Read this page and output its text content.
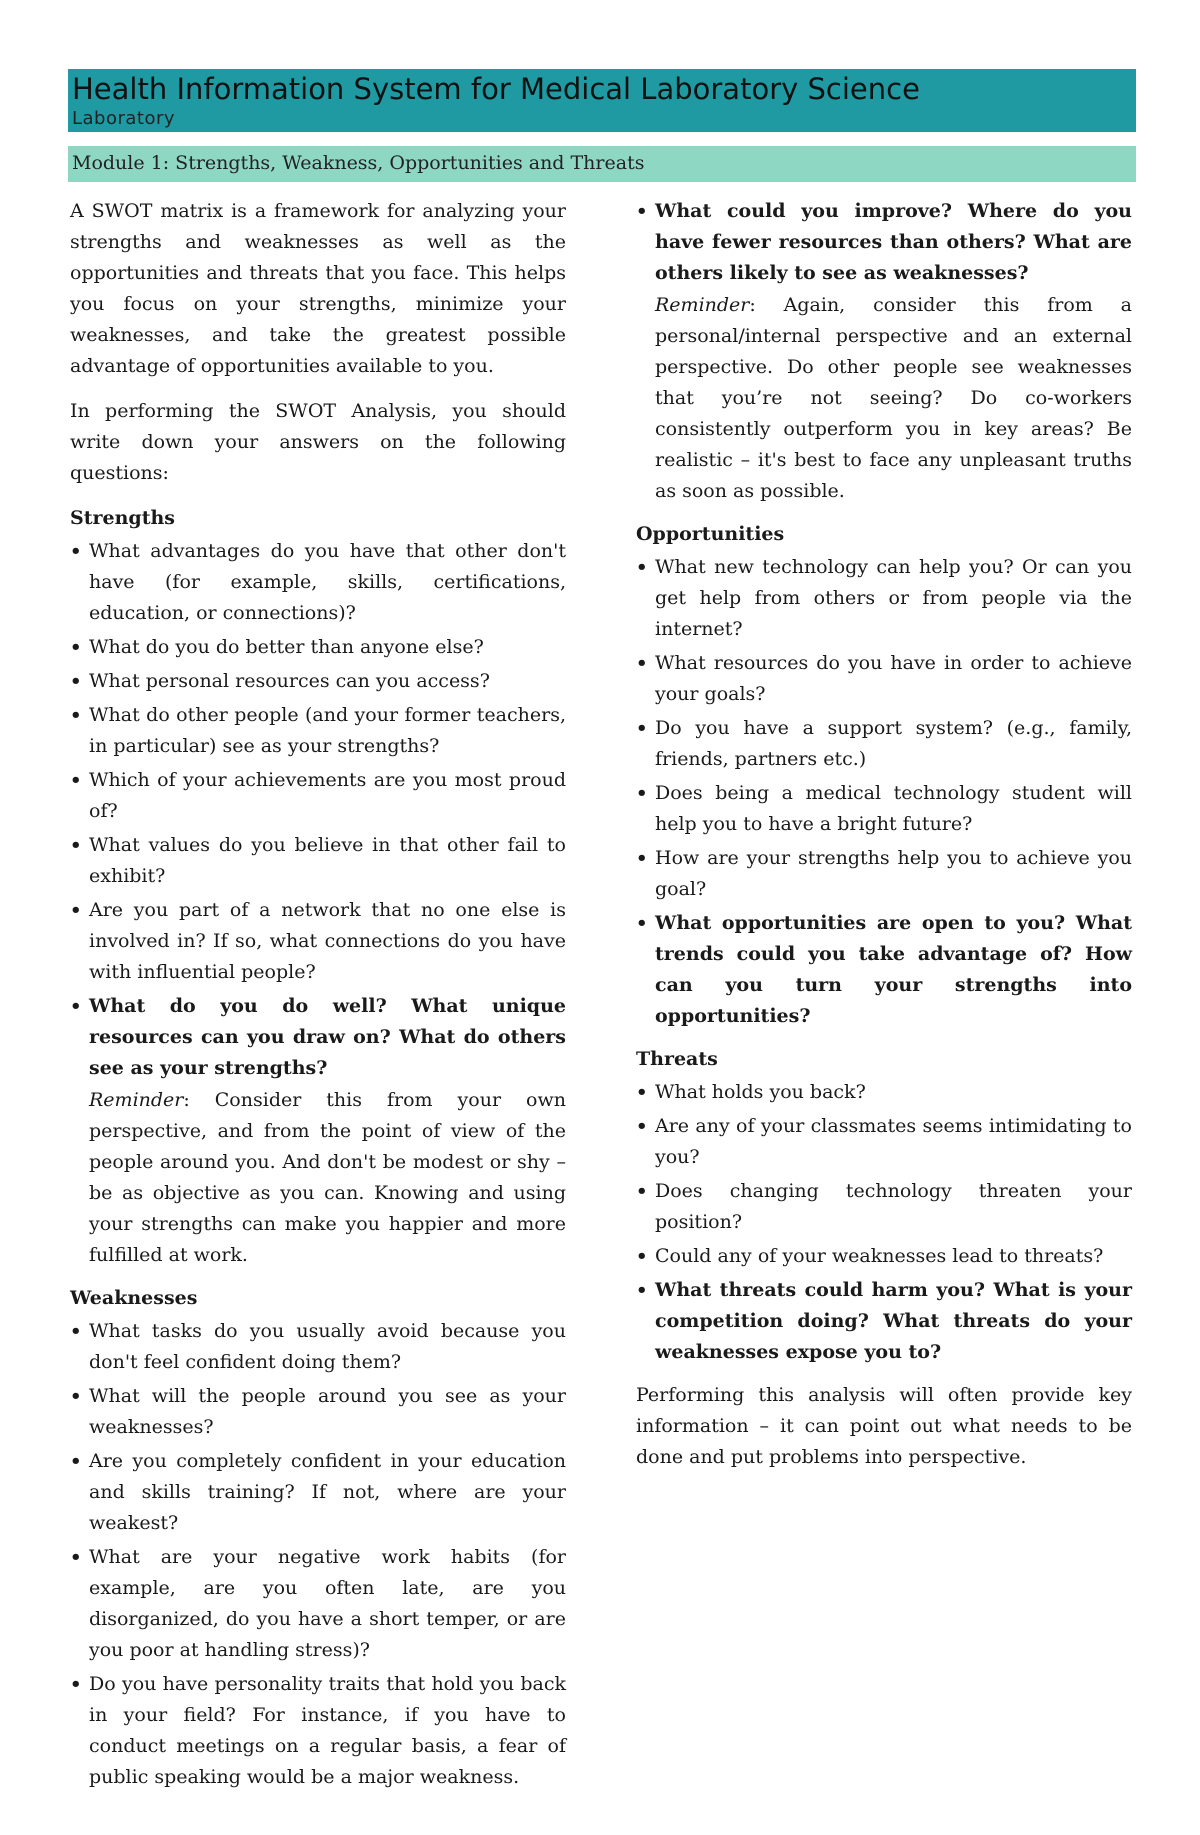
Health Information System for Medical Laboratory Science
Laboratory
Module 1: Strengths, Weakness, Opportunities and Threats

A SWOT matrix is a framework for analyzing your strengths and weaknesses as well as the opportunities and threats that you face. This helps you focus on your strengths, minimize your weaknesses, and take the greatest possible advantage of opportunities available to you.

In performing the SWOT Analysis, you should write down your answers on the following questions:

Strengths
• What advantages do you have that other don't have (for example, skills, certifications, education, or connections)?
• What do you do better than anyone else?
• What personal resources can you access?
• What do other people (and your former teachers, in particular) see as your strengths?
• Which of your achievements are you most proud of?
• What values do you believe in that other fail to exhibit?
• Are you part of a network that no one else is involved in? If so, what connections do you have with influential people?
• What do you do well? What unique resources can you draw on? What do others see as your strengths?
Reminder: Consider this from your own perspective, and from the point of view of the people around you. And don't be modest or shy – be as objective as you can. Knowing and using your strengths can make you happier and more fulfilled at work.
Weaknesses
• What tasks do you usually avoid because you don't feel confident doing them?
• What will the people around you see as your weaknesses?
• Are you completely confident in your education and skills training? If not, where are your weakest?
• What are your negative work habits (for example, are you often late, are you disorganized, do you have a short temper, or are you poor at handling stress)?
• Do you have personality traits that hold you back in your field? For instance, if you have to conduct meetings on a regular basis, a fear of public speaking would be a major weakness.
• What could you improve? Where do you have fewer resources than others? What are others likely to see as weaknesses?
Reminder: Again, consider this from a personal/internal perspective and an external perspective. Do other people see weaknesses that you’re not seeing? Do co-workers consistently outperform you in key areas? Be realistic – it's best to face any unpleasant truths as soon as possible.
Opportunities
• What new technology can help you? Or can you get help from others or from people via the internet?
• What resources do you have in order to achieve your goals?
• Do you have a support system? (e.g., family, friends, partners etc.)
• Does being a medical technology student will help you to have a bright future?
• How are your strengths help you to achieve you goal?
• What opportunities are open to you? What trends could you take advantage of? How can you turn your strengths into opportunities?
Threats
• What holds you back?
• Are any of your classmates seems intimidating to you?
• Does changing technology threaten your position?
• Could any of your weaknesses lead to threats?
• What threats could harm you? What is your competition doing? What threats do your weaknesses expose you to?

Performing this analysis will often provide key information – it can point out what needs to be done and put problems into perspective.
